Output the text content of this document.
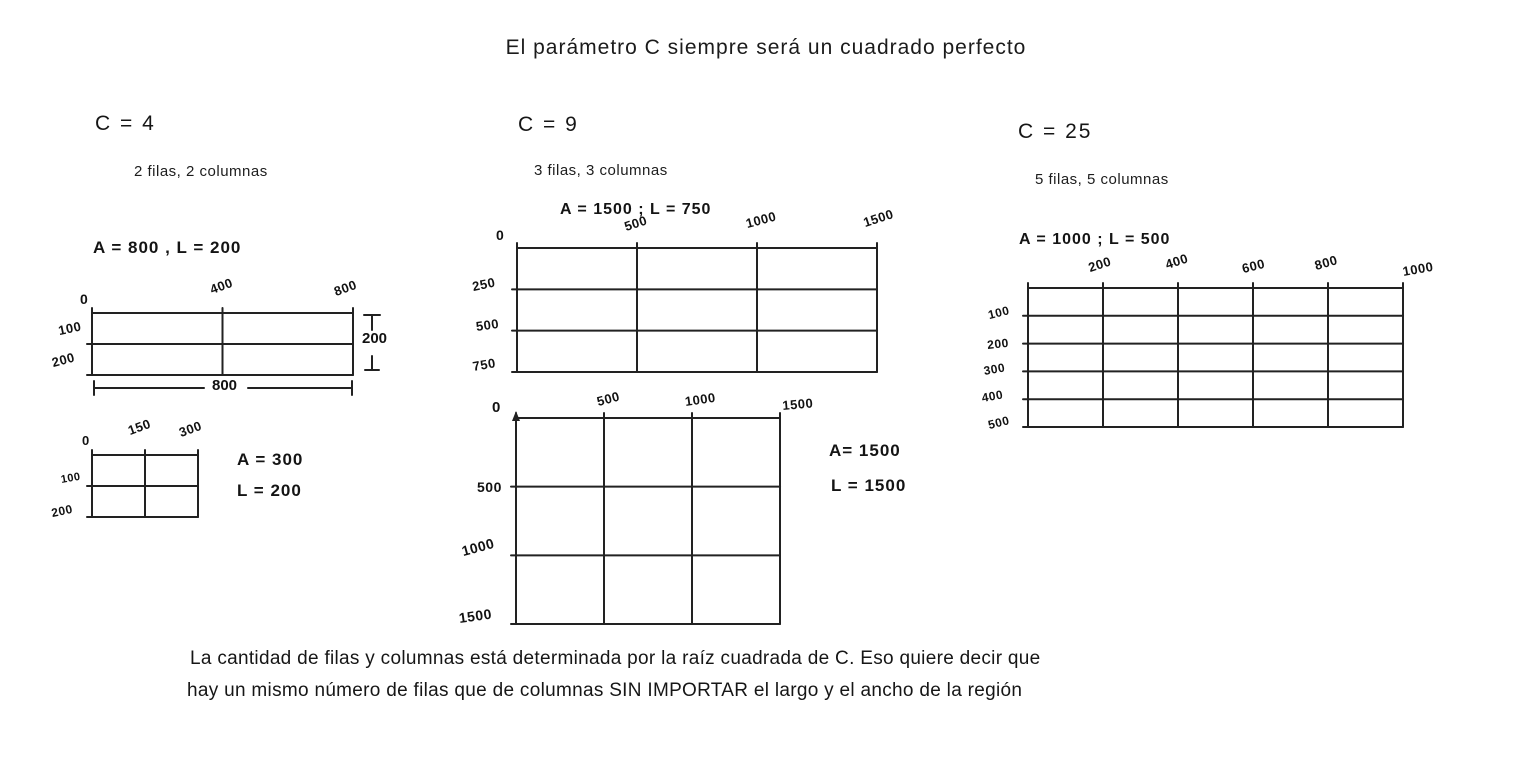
El parámetro C siempre será un cuadrado perfecto
C = 4
2 filas, 2 columnas
A = 800 , L = 200
0
400	800
100
200
200
800
0
150 300
100
200
A = 300
L = 200
C = 9
3 filas, 3 columnas
A = 1500 ; L = 750
0
500	1000	1500
250
500
750
0	500	1000	1500
500
1000
1500
A= 1500
L = 1500
C = 25
5 filas, 5 columnas
A = 1000 ; L = 500
200	400	600	800	1000
100
200
300
400
500
La cantidad de filas y columnas está determinada por la raíz cuadrada de C. Eso quiere decir que
hay un mismo número de filas que de columnas SIN IMPORTAR el largo y el ancho de la región
